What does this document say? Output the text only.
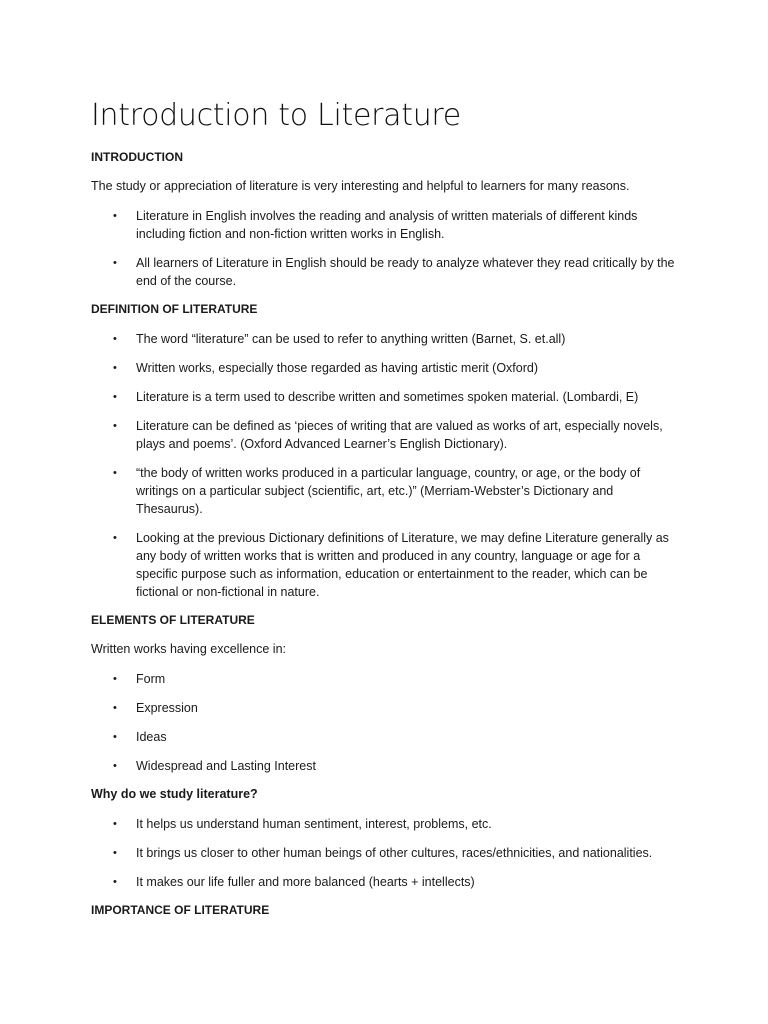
Introduction to Literature
INTRODUCTION

The study or appreciation of literature is very interesting and helpful to learners for many reasons.

• Literature in English involves the reading and analysis of written materials of different kinds including fiction and non-fiction written works in English.
• All learners of Literature in English should be ready to analyze whatever they read critically by the end of the course.
DEFINITION OF LITERATURE
• The word “literature” can be used to refer to anything written (Barnet, S. et.all)
• Written works, especially those regarded as having artistic merit (Oxford)
• Literature is a term used to describe written and sometimes spoken material. (Lombardi, E)
• Literature can be defined as ‘pieces of writing that are valued as works of art, especially novels, plays and poems’. (Oxford Advanced Learner’s English Dictionary).
• “the body of written works produced in a particular language, country, or age, or the body of writings on a particular subject (scientific, art, etc.)” (Merriam-Webster’s Dictionary and Thesaurus).
• Looking at the previous Dictionary definitions of Literature, we may define Literature generally as any body of written works that is written and produced in any country, language or age for a specific purpose such as information, education or entertainment to the reader, which can be fictional or non-fictional in nature.
ELEMENTS OF LITERATURE

Written works having excellence in:

• Form
• Expression
• Ideas
• Widespread and Lasting Interest
Why do we study literature?
• It helps us understand human sentiment, interest, problems, etc.
• It brings us closer to other human beings of other cultures, races/ethnicities, and nationalities.
• It makes our life fuller and more balanced (hearts + intellects)
IMPORTANCE OF LITERATURE
